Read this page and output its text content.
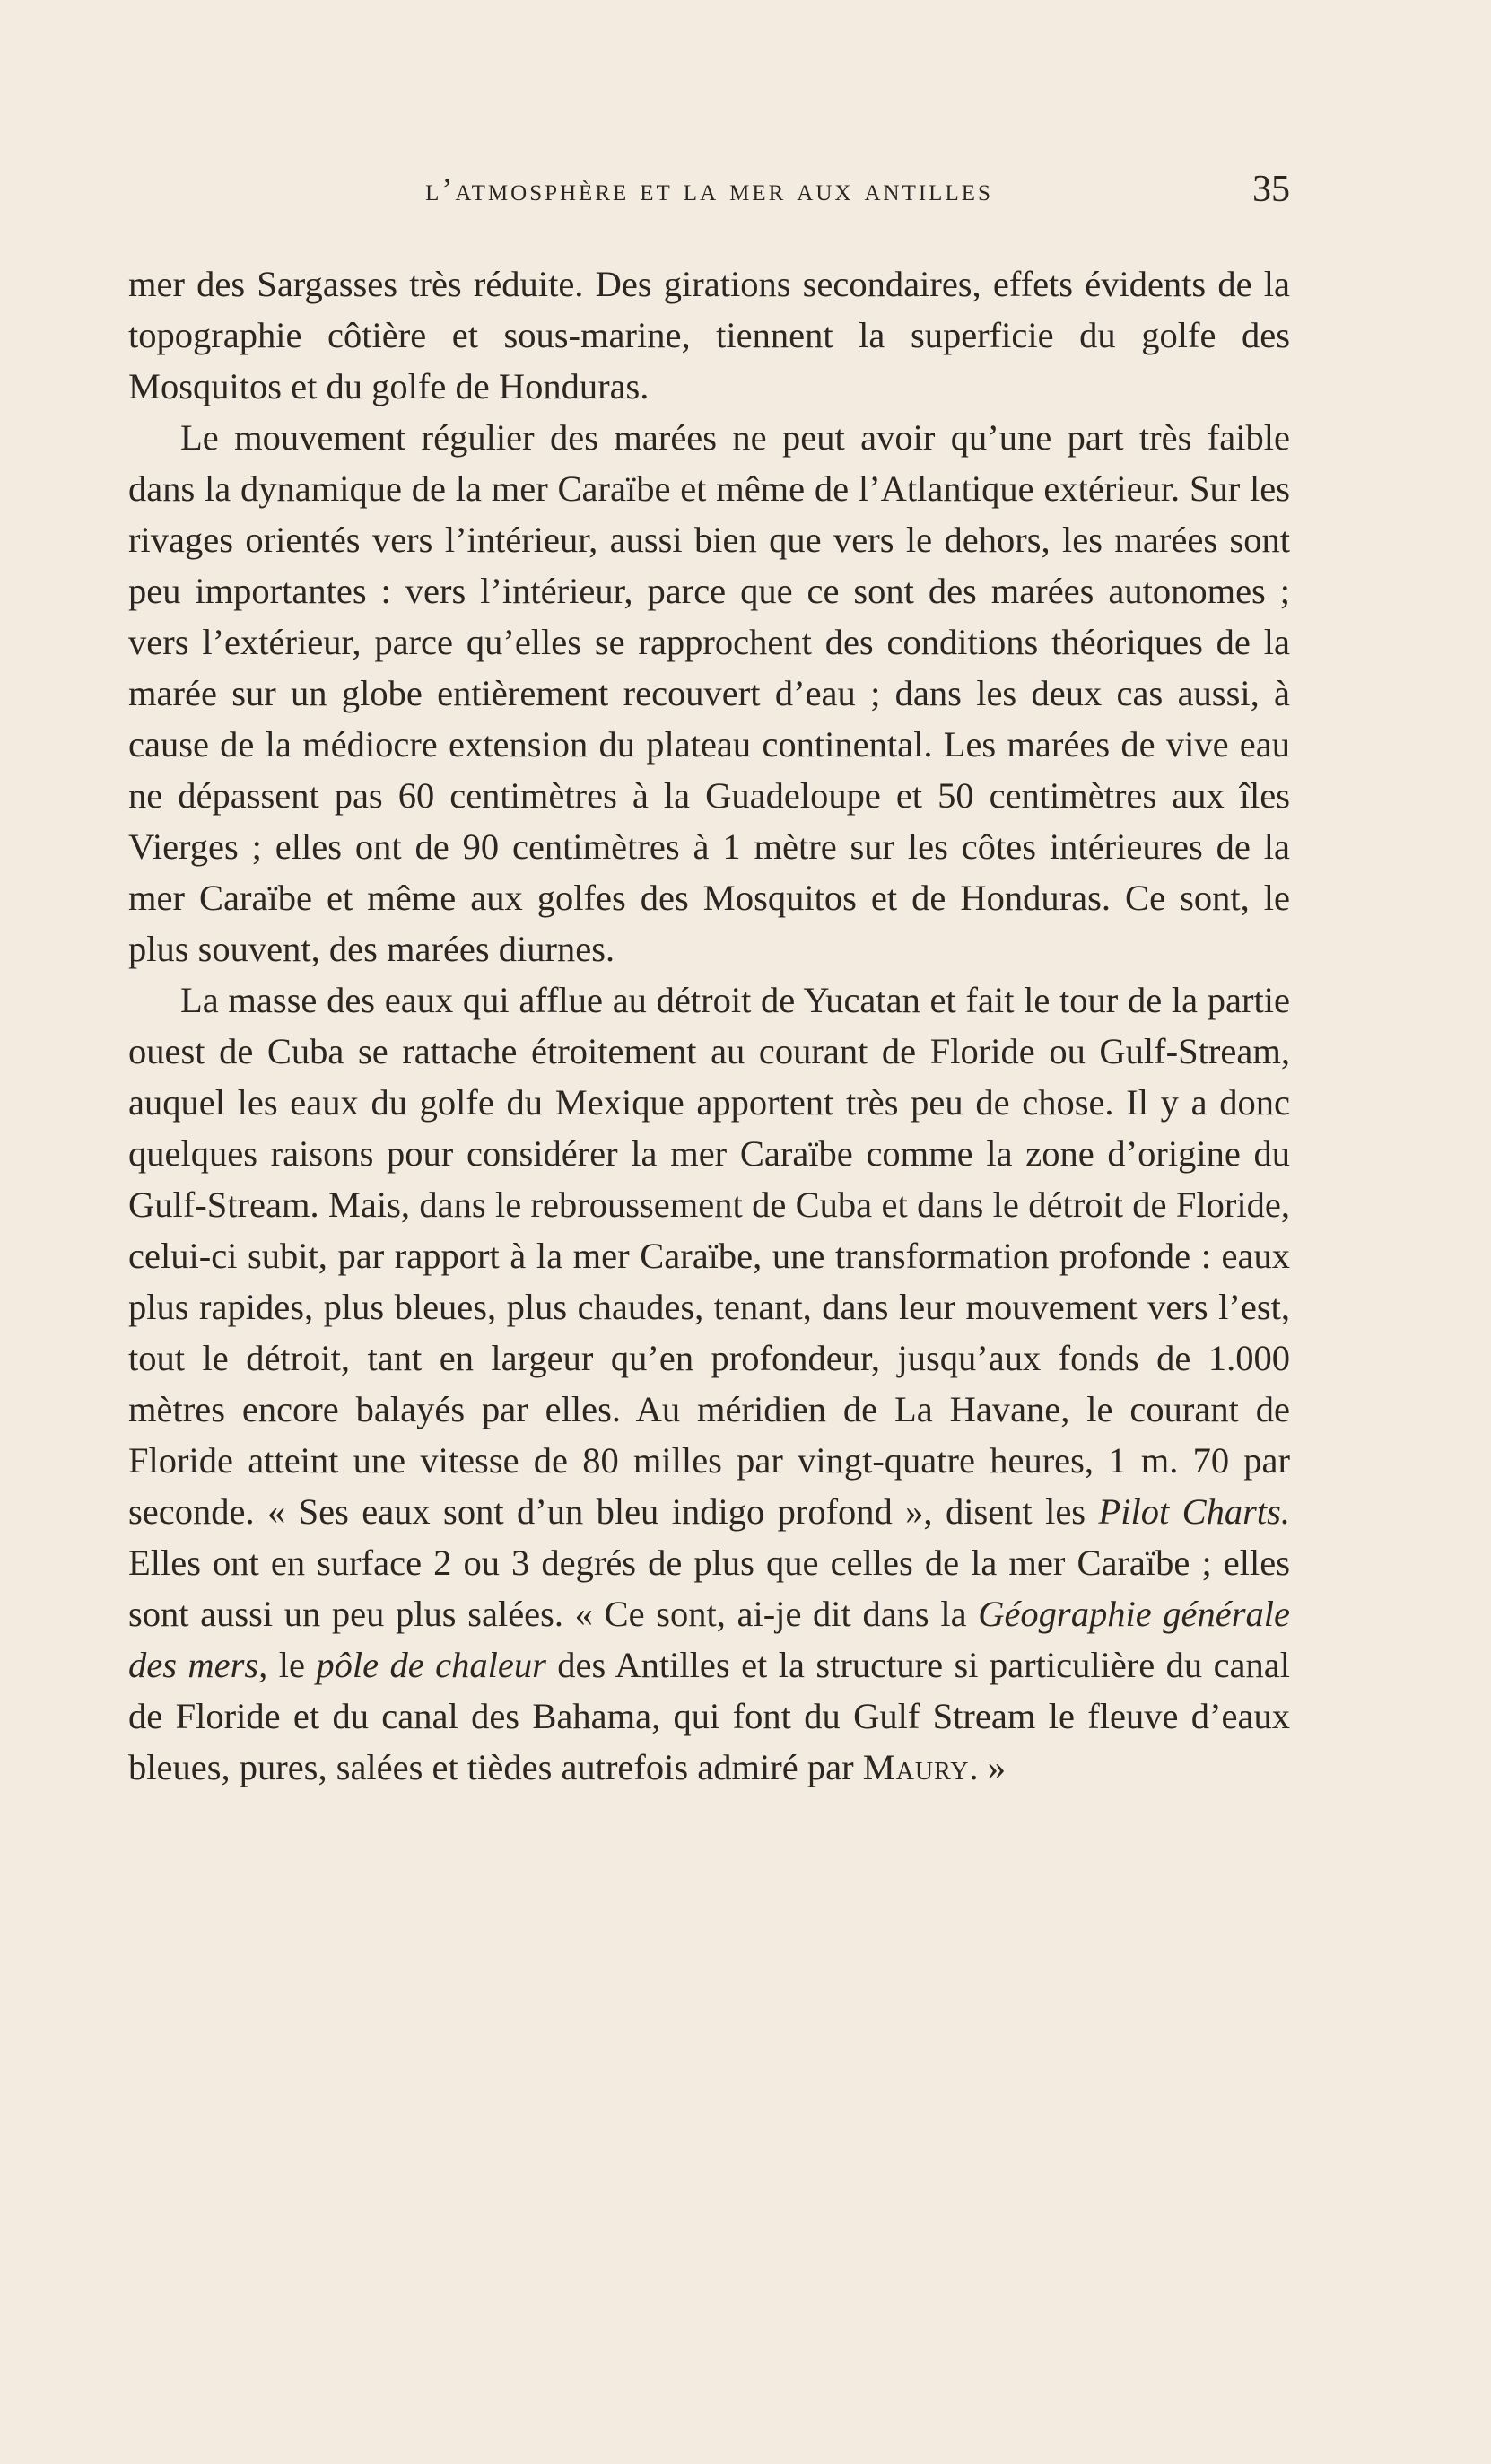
l’atmosphère et la mer aux antilles	35

mer des Sargasses très réduite. Des girations secondaires, effets évidents de la topographie côtière et sous-marine, tiennent la superficie du golfe des Mosquitos et du golfe de Honduras.

Le mouvement régulier des marées ne peut avoir qu’une part très faible dans la dynamique de la mer Caraïbe et même de l’Atlantique extérieur. Sur les rivages orientés vers l’intérieur, aussi bien que vers le dehors, les marées sont peu importantes : vers l’intérieur, parce que ce sont des marées autonomes ; vers l’extérieur, parce qu’elles se rapprochent des conditions théoriques de la marée sur un globe entièrement recouvert d’eau ; dans les deux cas aussi, à cause de la médiocre extension du plateau continental. Les marées de vive eau ne dépassent pas 60 centimètres à la Guadeloupe et 50 centimètres aux îles Vierges ; elles ont de 90 centimètres à 1 mètre sur les côtes intérieures de la mer Caraïbe et même aux golfes des Mosquitos et de Honduras. Ce sont, le plus souvent, des marées diurnes.

La masse des eaux qui afflue au détroit de Yucatan et fait le tour de la partie ouest de Cuba se rattache étroitement au courant de Floride ou Gulf-Stream, auquel les eaux du golfe du Mexique apportent très peu de chose. Il y a donc quelques raisons pour considérer la mer Caraïbe comme la zone d’origine du Gulf-Stream. Mais, dans le rebroussement de Cuba et dans le détroit de Floride, celui-ci subit, par rapport à la mer Caraïbe, une transformation profonde : eaux plus rapides, plus bleues, plus chaudes, tenant, dans leur mouvement vers l’est, tout le détroit, tant en largeur qu’en profondeur, jusqu’aux fonds de 1.000 mètres encore balayés par elles. Au méridien de La Havane, le courant de Floride atteint une vitesse de 80 milles par vingt-quatre heures, 1 m. 70 par seconde. « Ses eaux sont d’un bleu indigo profond », disent les Pilot Charts. Elles ont en surface 2 ou 3 degrés de plus que celles de la mer Caraïbe ; elles sont aussi un peu plus salées. « Ce sont, ai-je dit dans la Géographie générale des mers, le pôle de chaleur des Antilles et la structure si particulière du canal de Floride et du canal des Bahama, qui font du Gulf Stream le fleuve d’eaux bleues, pures, salées et tièdes autrefois admiré par Maury. »
